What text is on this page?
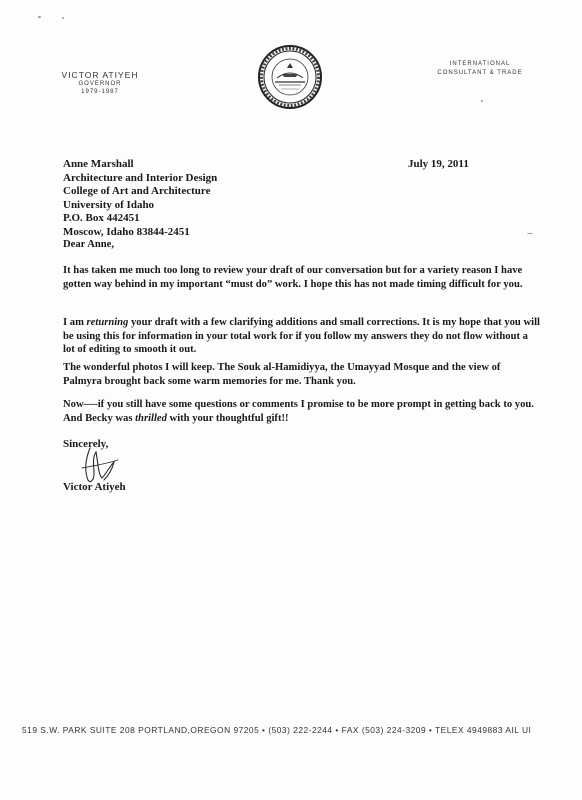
VICTOR ATIYEH
GOVERNOR
1979-1987
INTERNATIONAL
CONSULTANT & TRADE
July 19, 2011
Anne Marshall
Architecture and Interior Design
College of Art and Architecture
University of Idaho
P.O. Box 442451
Moscow, Idaho 83844-2451
Dear Anne,
It has taken me much too long to review your draft of our conversation but for a variety reason I have gotten way behind in my important “must do” work. I hope this has not made timing difficult for you.
I am returning your draft with a few clarifying additions and small corrections. It is my hope that you will be using this for information in your total work for if you follow my answers they do not flow without a lot of editing to smooth it out.
The wonderful photos I will keep. The Souk al-Hamidiyya, the Umayyad Mosque and the view of Palmyra brought back some warm memories for me. Thank you.
Now—-if you still have some questions or comments I promise to be more prompt in getting back to you. And Becky was thrilled with your thoughtful gift!!
Sincerely,
Victor Atiyeh
519 S.W. PARK SUITE 208 PORTLAND,OREGON 97205 • (503) 222-2244 • FAX (503) 224-3209 • TELEX 4949883 AIL UI
